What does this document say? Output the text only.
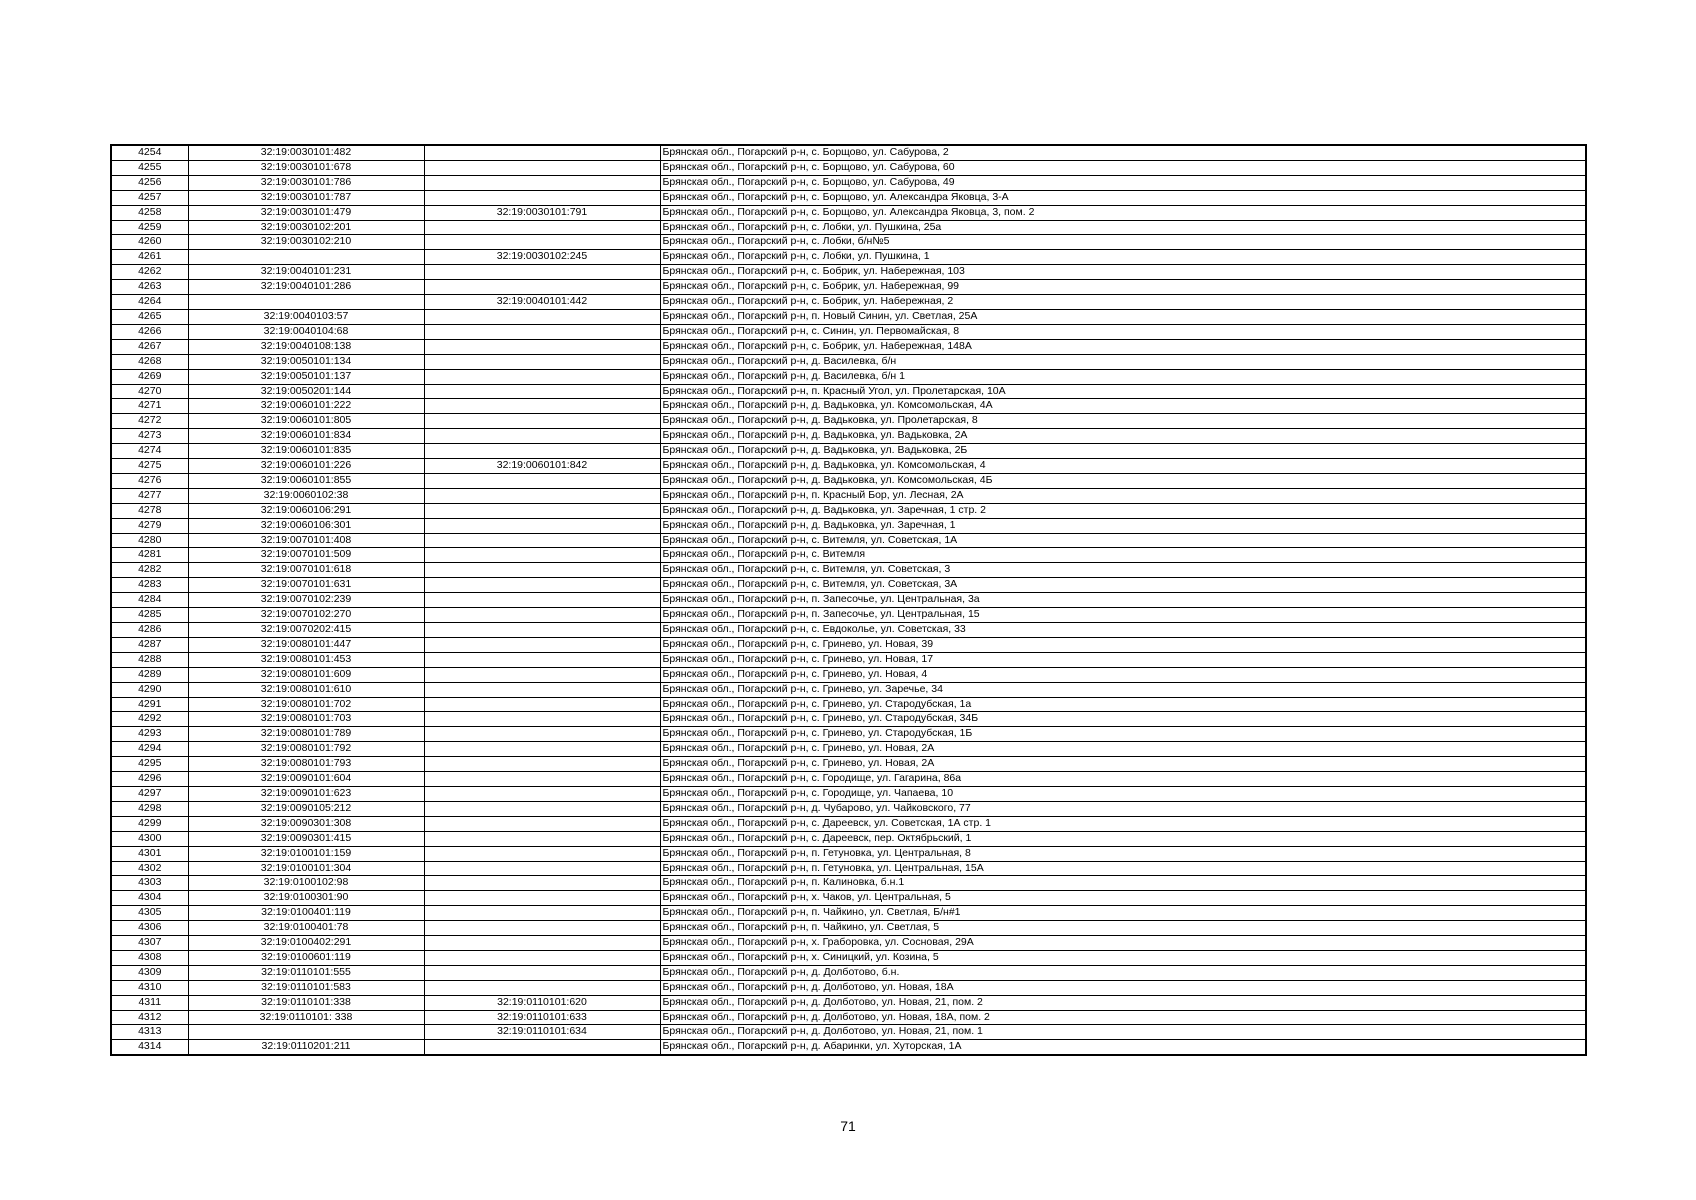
4254	32:19:0030101:482		Брянская обл., Погарский р-н, с. Борщово, ул. Сабурова, 2
4255	32:19:0030101:678		Брянская обл., Погарский р-н, с. Борщово, ул. Сабурова, 60
4256	32:19:0030101:786		Брянская обл., Погарский р-н, с. Борщово, ул. Сабурова, 49
4257	32:19:0030101:787		Брянская обл., Погарский р-н, с. Борщово, ул. Александра Яковца, 3-А
4258	32:19:0030101:479	32:19:0030101:791	Брянская обл., Погарский р-н, с. Борщово, ул. Александра Яковца, 3, пом. 2
4259	32:19:0030102:201		Брянская обл., Погарский р-н, с. Лобки, ул. Пушкина, 25а
4260	32:19:0030102:210		Брянская обл., Погарский р-н, с. Лобки, б/н№5
4261		32:19:0030102:245	Брянская обл., Погарский р-н, с. Лобки, ул. Пушкина, 1
4262	32:19:0040101:231		Брянская обл., Погарский р-н, с. Бобрик, ул. Набережная, 103
4263	32:19:0040101:286		Брянская обл., Погарский р-н, с. Бобрик, ул. Набережная, 99
4264		32:19:0040101:442	Брянская обл., Погарский р-н, с. Бобрик, ул. Набережная, 2
4265	32:19:0040103:57		Брянская обл., Погарский р-н, п. Новый Синин, ул. Светлая, 25А
4266	32:19:0040104:68		Брянская обл., Погарский р-н, с. Синин, ул. Первомайская, 8
4267	32:19:0040108:138		Брянская обл., Погарский р-н, с. Бобрик, ул. Набережная, 148А
4268	32:19:0050101:134		Брянская обл., Погарский р-н, д. Василевка, б/н
4269	32:19:0050101:137		Брянская обл., Погарский р-н, д. Василевка, б/н 1
4270	32:19:0050201:144		Брянская обл., Погарский р-н, п. Красный Угол, ул. Пролетарская, 10А
4271	32:19:0060101:222		Брянская обл., Погарский р-н, д. Вадьковка, ул. Комсомольская, 4А
4272	32:19:0060101:805		Брянская обл., Погарский р-н, д. Вадьковка, ул. Пролетарская, 8
4273	32:19:0060101:834		Брянская обл., Погарский р-н, д. Вадьковка, ул. Вадьковка, 2А
4274	32:19:0060101:835		Брянская обл., Погарский р-н, д. Вадьковка, ул. Вадьковка, 2Б
4275	32:19:0060101:226	32:19:0060101:842	Брянская обл., Погарский р-н, д. Вадьковка, ул. Комсомольская, 4
4276	32:19:0060101:855		Брянская обл., Погарский р-н, д. Вадьковка, ул. Комсомольская, 4Б
4277	32:19:0060102:38		Брянская обл., Погарский р-н, п. Красный Бор, ул. Лесная, 2А
4278	32:19:0060106:291		Брянская обл., Погарский р-н, д. Вадьковка, ул. Заречная, 1 стр. 2
4279	32:19:0060106:301		Брянская обл., Погарский р-н, д. Вадьковка, ул. Заречная, 1
4280	32:19:0070101:408		Брянская обл., Погарский р-н, с. Витемля, ул. Советская, 1А
4281	32:19:0070101:509		Брянская обл., Погарский р-н, с. Витемля
4282	32:19:0070101:618		Брянская обл., Погарский р-н, с. Витемля, ул. Советская, 3
4283	32:19:0070101:631		Брянская обл., Погарский р-н, с. Витемля, ул. Советская, 3А
4284	32:19:0070102:239		Брянская обл., Погарский р-н, п. Запесочье, ул. Центральная, 3а
4285	32:19:0070102:270		Брянская обл., Погарский р-н, п. Запесочье, ул. Центральная, 15
4286	32:19:0070202:415		Брянская обл., Погарский р-н, с. Евдоколье, ул. Советская, 33
4287	32:19:0080101:447		Брянская обл., Погарский р-н, с. Гринево, ул. Новая, 39
4288	32:19:0080101:453		Брянская обл., Погарский р-н, с. Гринево, ул. Новая, 17
4289	32:19:0080101:609		Брянская обл., Погарский р-н, с. Гринево, ул. Новая, 4
4290	32:19:0080101:610		Брянская обл., Погарский р-н, с. Гринево, ул. Заречье, 34
4291	32:19:0080101:702		Брянская обл., Погарский р-н, с. Гринево, ул. Стародубская, 1а
4292	32:19:0080101:703		Брянская обл., Погарский р-н, с. Гринево, ул. Стародубская, 34Б
4293	32:19:0080101:789		Брянская обл., Погарский р-н, с. Гринево, ул. Стародубская, 1Б
4294	32:19:0080101:792		Брянская обл., Погарский р-н, с. Гринево, ул. Новая, 2А
4295	32:19:0080101:793		Брянская обл., Погарский р-н, с. Гринево, ул. Новая, 2А
4296	32:19:0090101:604		Брянская обл., Погарский р-н, с. Городище, ул. Гагарина, 86а
4297	32:19:0090101:623		Брянская обл., Погарский р-н, с. Городище, ул. Чапаева, 10
4298	32:19:0090105:212		Брянская обл., Погарский р-н, д. Чубарово, ул. Чайковского, 77
4299	32:19:0090301:308		Брянская обл., Погарский р-н, с. Дареевск, ул. Советская, 1А стр. 1
4300	32:19:0090301:415		Брянская обл., Погарский р-н, с. Дареевск, пер. Октябрьский, 1
4301	32:19:0100101:159		Брянская обл., Погарский р-н, п. Гетуновка, ул. Центральная, 8
4302	32:19:0100101:304		Брянская обл., Погарский р-н, п. Гетуновка, ул. Центральная, 15А
4303	32:19:0100102:98		Брянская обл., Погарский р-н, п. Калиновка, б.н.1
4304	32:19:0100301:90		Брянская обл., Погарский р-н, х. Чаков, ул. Центральная, 5
4305	32:19:0100401:119		Брянская обл., Погарский р-н, п. Чайкино, ул. Светлая, Б/н#1
4306	32:19:0100401:78		Брянская обл., Погарский р-н, п. Чайкино, ул. Светлая, 5
4307	32:19:0100402:291		Брянская обл., Погарский р-н, х. Граборовка, ул. Сосновая, 29А
4308	32:19:0100601:119		Брянская обл., Погарский р-н, х. Синицкий, ул. Козина, 5
4309	32:19:0110101:555		Брянская обл., Погарский р-н, д. Долботово, б.н.
4310	32:19:0110101:583		Брянская обл., Погарский р-н, д. Долботово, ул. Новая, 18А
4311	32:19:0110101:338	32:19:0110101:620	Брянская обл., Погарский р-н, д. Долботово, ул. Новая, 21, пом. 2
4312	32:19:0110101: 338	32:19:0110101:633	Брянская обл., Погарский р-н, д. Долботово, ул. Новая, 18А, пом. 2
4313		32:19:0110101:634	Брянская обл., Погарский р-н, д. Долботово, ул. Новая, 21, пом. 1
4314	32:19:0110201:211		Брянская обл., Погарский р-н, д. Абаринки, ул. Хуторская, 1А
71
